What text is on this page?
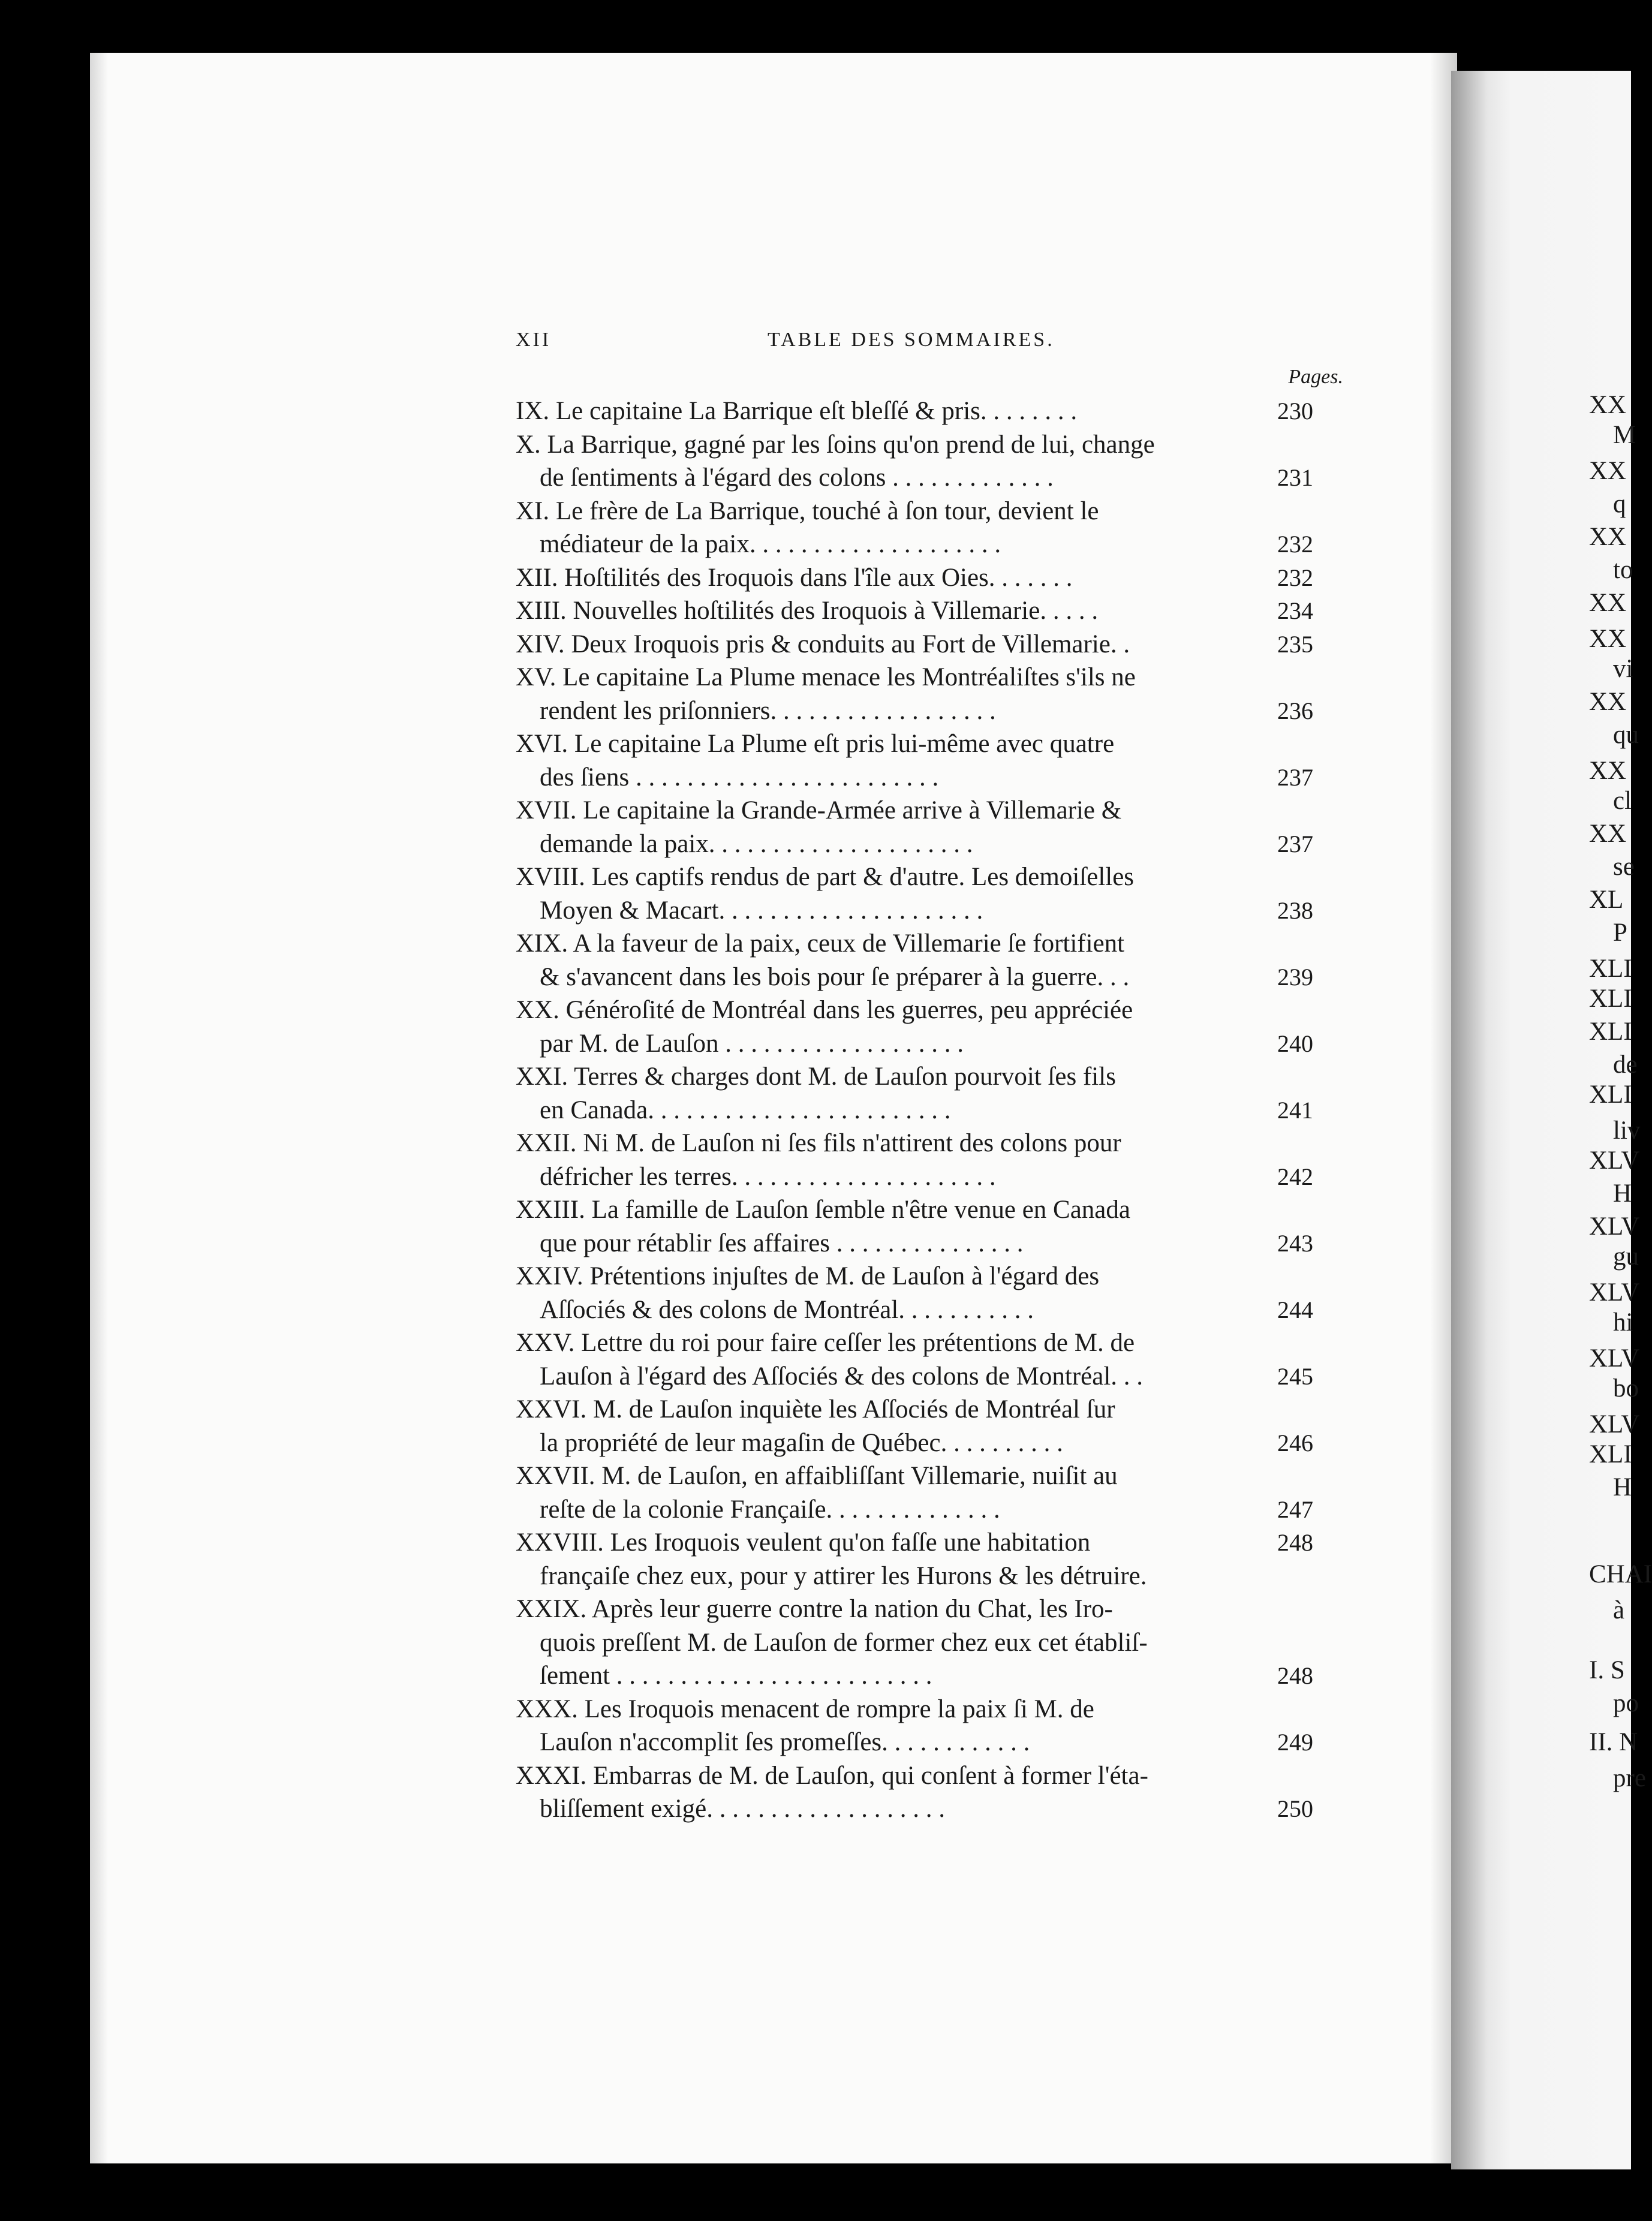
XII	TABLE DES SOMMAIRES.
Pages.
IX. Le capitaine La Barrique eſt bleſſé & pris. . . . . . . .	230
X. La Barrique, gagné par les ſoins qu'on prend de lui, change
de ſentiments à l'égard des colons . . . . . . . . . . . . .	231
XI. Le frère de La Barrique, touché à ſon tour, devient le
médiateur de la paix. . . . . . . . . . . . . . . . . . . .	232
XII. Hoſtilités des Iroquois dans l'île aux Oies. . . . . . .	232
XIII. Nouvelles hoſtilités des Iroquois à Villemarie. . . . .	234
XIV. Deux Iroquois pris & conduits au Fort de Villemarie. .	235
XV. Le capitaine La Plume menace les Montréaliſtes s'ils ne
rendent les priſonniers. . . . . . . . . . . . . . . . . .	236
XVI. Le capitaine La Plume eſt pris lui-même avec quatre
des ſiens . . . . . . . . . . . . . . . . . . . . . . . .	237
XVII. Le capitaine la Grande-Armée arrive à Villemarie &
demande la paix. . . . . . . . . . . . . . . . . . . . .	237
XVIII. Les captifs rendus de part & d'autre. Les demoiſelles
Moyen & Macart. . . . . . . . . . . . . . . . . . . . .	238
XIX. A la faveur de la paix, ceux de Villemarie ſe fortifient
& s'avancent dans les bois pour ſe préparer à la guerre. . .	239
XX. Généroſité de Montréal dans les guerres, peu appréciée
par M. de Lauſon . . . . . . . . . . . . . . . . . . .	240
XXI. Terres & charges dont M. de Lauſon pourvoit ſes fils
en Canada. . . . . . . . . . . . . . . . . . . . . . . .	241
XXII. Ni M. de Lauſon ni ſes fils n'attirent des colons pour
défricher les terres. . . . . . . . . . . . . . . . . . . . .	242
XXIII. La famille de Lauſon ſemble n'être venue en Canada
que pour rétablir ſes affaires . . . . . . . . . . . . . . .	243
XXIV. Prétentions injuſtes de M. de Lauſon à l'égard des
Aſſociés & des colons de Montréal. . . . . . . . . . .	244
XXV. Lettre du roi pour faire ceſſer les prétentions de M. de
Lauſon à l'égard des Aſſociés & des colons de Montréal. . .	245
XXVI. M. de Lauſon inquiète les Aſſociés de Montréal ſur
la propriété de leur magaſin de Québec. . . . . . . . . .	246
XXVII. M. de Lauſon, en affaibliſſant Villemarie, nuiſit au
reſte de la colonie Françaiſe. . . . . . . . . . . . . .	247
XXVIII. Les Iroquois veulent qu'on faſſe une habitation
françaiſe chez eux, pour y attirer les Hurons & les détruire.
248
XXIX. Après leur guerre contre la nation du Chat, les Iro-
quois preſſent M. de Lauſon de former chez eux cet établiſ-
ſement . . . . . . . . . . . . . . . . . . . . . . . . .	248
XXX. Les Iroquois menacent de rompre la paix ſi M. de
Lauſon n'accomplit ſes promeſſes. . . . . . . . . . . .	249
XXXI. Embarras de M. de Lauſon, qui conſent à former l'éta-
bliſſement exigé. . . . . . . . . . . . . . . . . . .	250
XX
M
XX
q
XX
to
XX
XX
vi
XX
qu
XX
cl
XX
se
XL
P
XLI
XLI
XLI
de
XLI
liv
XLV
H
XLV
gu
XLV
hi
XLV
bo
XLV
XLI
H
CHAI
à
I. S
po
II. N
pre
